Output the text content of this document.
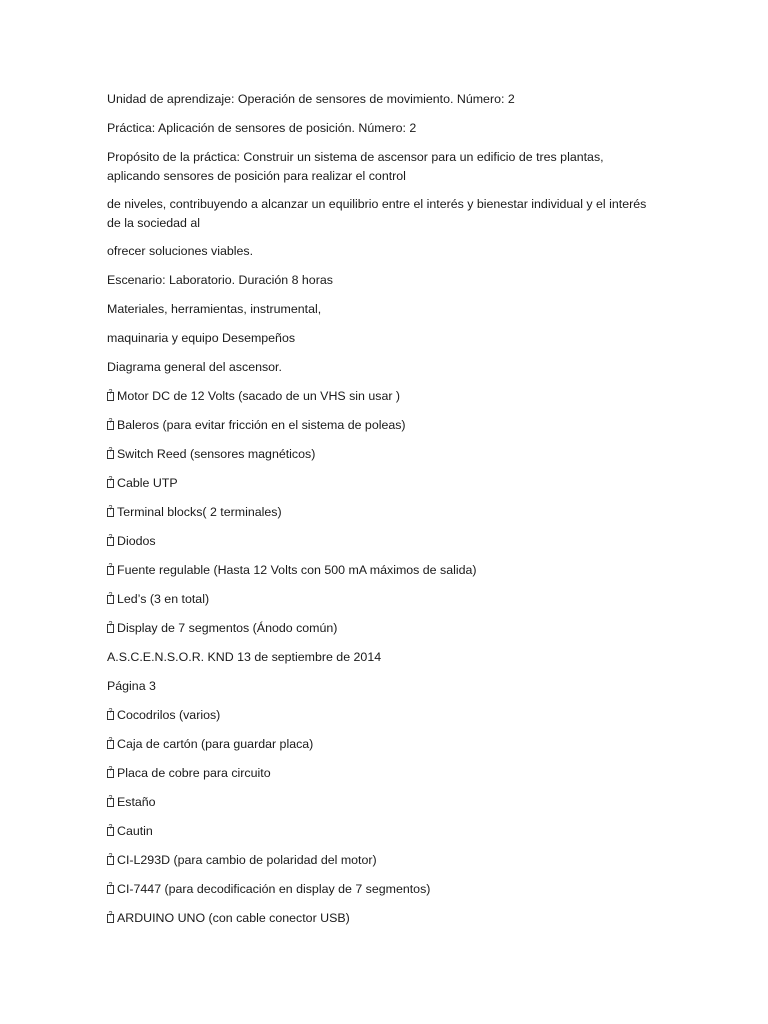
Unidad de aprendizaje: Operación de sensores de movimiento. Número: 2

Práctica: Aplicación de sensores de posición. Número: 2

Propósito de la práctica: Construir un sistema de ascensor para un edificio de tres plantas, aplicando sensores de posición para realizar el control

de niveles, contribuyendo a alcanzar un equilibrio entre el interés y bienestar individual y el interés de la sociedad al

ofrecer soluciones viables.

Escenario: Laboratorio. Duración 8 horas

Materiales, herramientas, instrumental,

maquinaria y equipo Desempeños

Diagrama general del ascensor.

?Motor DC de 12 Volts (sacado de un VHS sin usar )

?Baleros (para evitar fricción en el sistema de poleas)

?Switch Reed (sensores magnéticos)

?Cable UTP

?Terminal blocks( 2 terminales)

?Diodos

?Fuente regulable (Hasta 12 Volts con 500 mA máximos de salida)

?Led’s (3 en total)

?Display de 7 segmentos (Ánodo común)

A.S.C.E.N.S.O.R. KND 13 de septiembre de 2014

Página 3

?Cocodrilos (varios)

?Caja de cartón (para guardar placa)

?Placa de cobre para circuito

?Estaño

?Cautin

?CI-L293D (para cambio de polaridad del motor)

?CI-7447 (para decodificación en display de 7 segmentos)

?ARDUINO UNO (con cable conector USB)
